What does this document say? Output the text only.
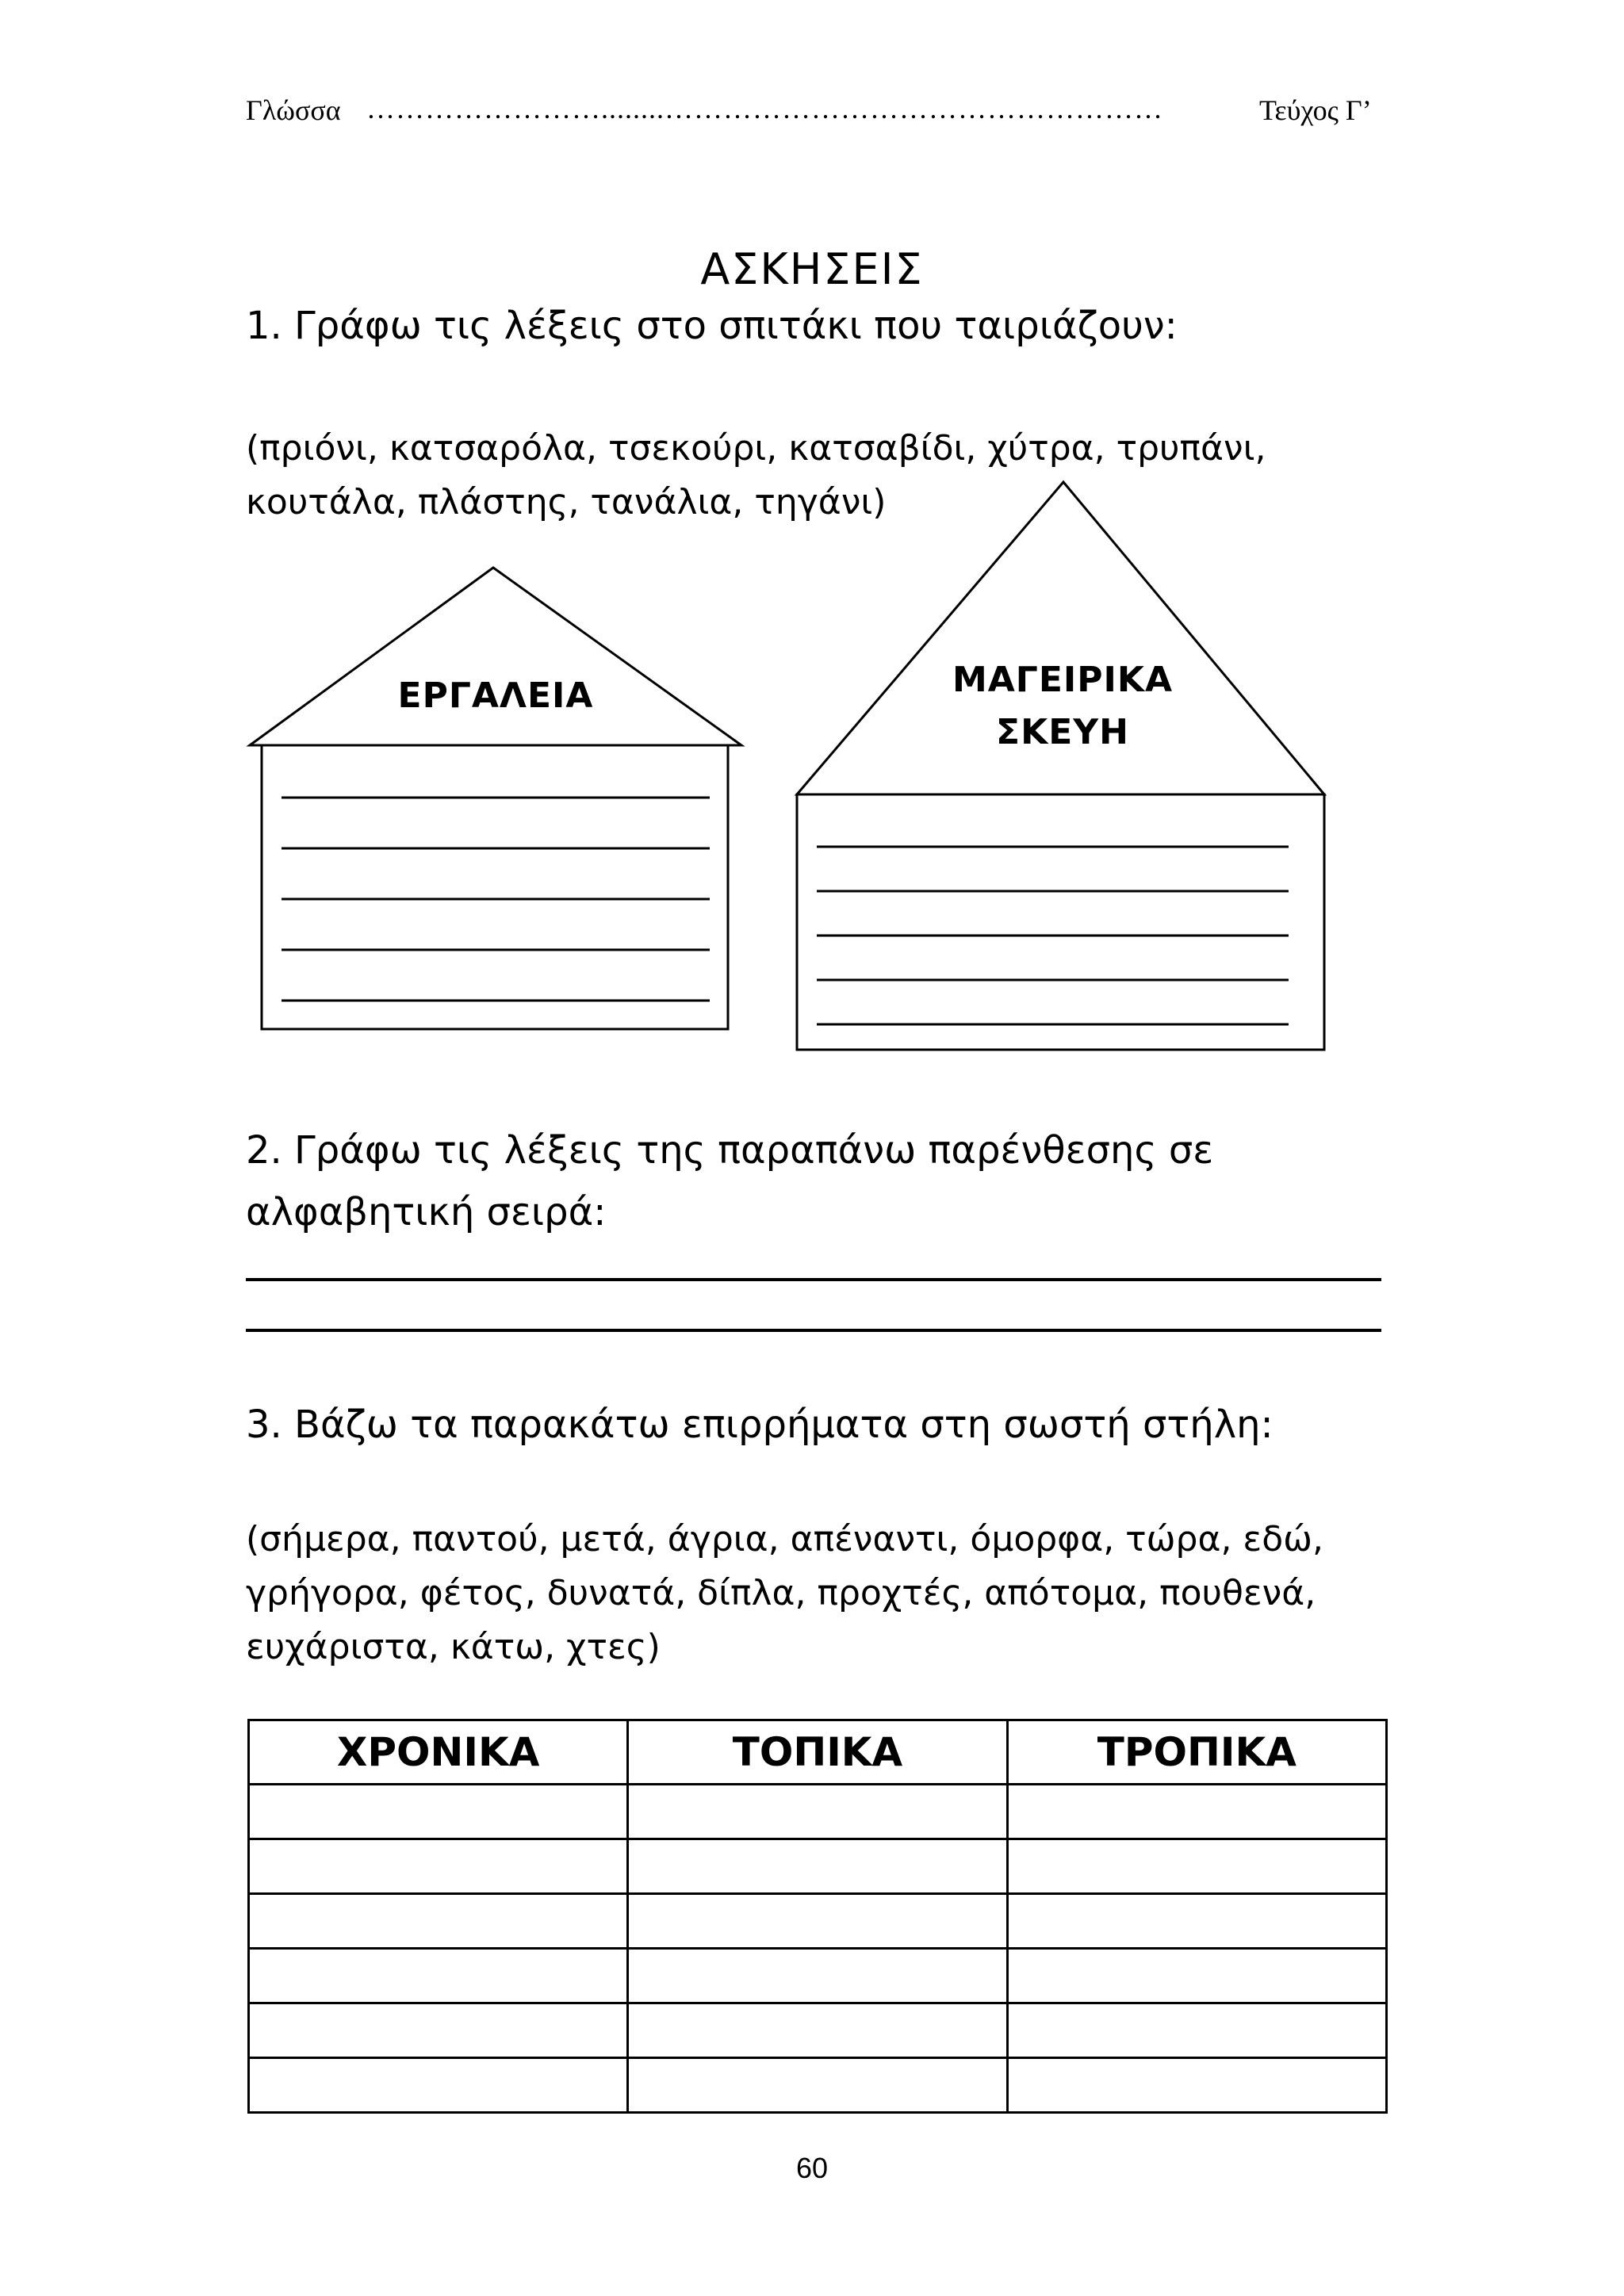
Γλώσσα ……………………........……………………………………………	Τεύχος Γ’
ΑΣΚΗΣΕΙΣ
1. Γράφω τις λέξεις στο σπιτάκι που ταιριάζουν:
(πριόνι, κατσαρόλα, τσεκούρι, κατσαβίδι, χύτρα, τρυπάνι, κουτάλα, πλάστης, τανάλια, τηγάνι)
ΕΡΓΑΛΕΙΑ	ΜΑΓΕΙΡΙΚΑ
ΣΚΕΥΗ
2. Γράφω τις λέξεις της παραπάνω παρένθεσης σε αλφαβητική σειρά:
3. Βάζω τα παρακάτω επιρρήματα στη σωστή στήλη:
(σήμερα, παντού, μετά, άγρια, απέναντι, όμορφα, τώρα, εδώ, γρήγορα, φέτος, δυνατά, δίπλα, προχτές, απότομα, πουθενά, ευχάριστα, κάτω, χτες)
ΧΡΟΝΙΚΑ	ΤΟΠΙΚΑ	ΤΡΟΠΙΚΑ

60
